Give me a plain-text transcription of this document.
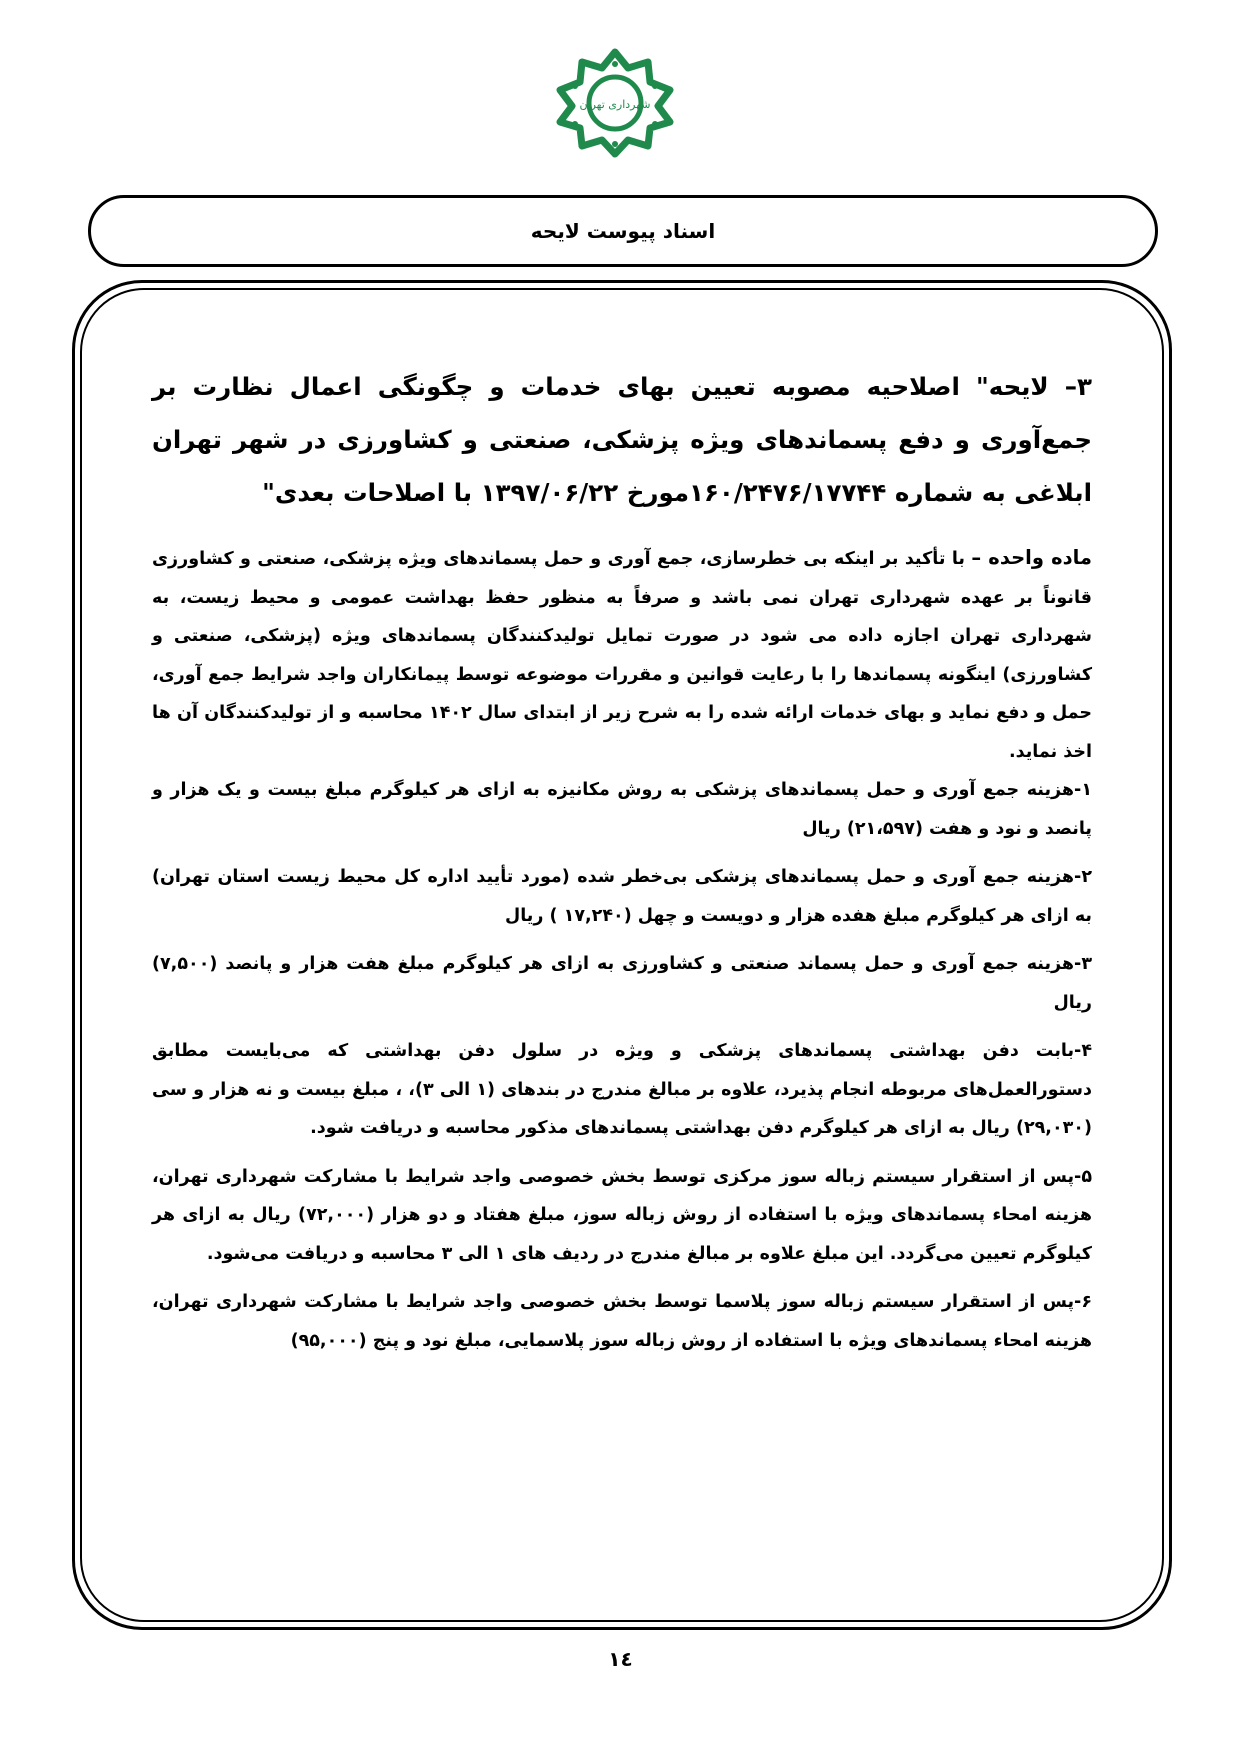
شهرداری تهران
اسناد پیوست لایحه

۳– لایحه" اصلاحیه مصوبه تعیین بهای خدمات و چگونگی اعمال نظارت بر جمع‌آوری و دفع پسماندهای ویژه پزشکی، صنعتی و کشاورزی در شهر تهران ابلاغی به شماره ۱۶۰/۲۴۷۶/۱۷۷۴۴مورخ ۱۳۹۷/۰۶/۲۲ با اصلاحات بعدی"

ماده واحده – با تأکید بر اینکه بی خطرسازی، جمع آوری و حمل پسماندهای ویژه پزشکی، صنعتی و کشاورزی قانوناً بر عهده شهرداری تهران نمی باشد و صرفاً به منظور حفظ بهداشت عمومی و محیط زیست، به شهرداری تهران اجازه داده می شود در صورت تمایل تولیدکنندگان پسماندهای ویژه (پزشکی، صنعتی و کشاورزی) اینگونه پسماندها را با رعایت قوانین و مقررات موضوعه توسط پیمانکاران واجد شرایط جمع آوری، حمل و دفع نماید و بهای خدمات ارائه شده را به شرح زیر از ابتدای سال ۱۴۰۲ محاسبه و از تولیدکنندگان آن ها اخذ نماید.

۱-هزینه جمع آوری و حمل پسماندهای پزشکی به روش مکانیزه به ازای هر کیلوگرم مبلغ بیست و یک هزار و پانصد و نود و هفت (۲۱،۵۹۷) ریال

۲-هزینه جمع آوری و حمل پسماندهای پزشکی بی‌خطر شده (مورد تأیید اداره کل محیط زیست استان تهران) به ازای هر کیلوگرم مبلغ هفده هزار و دویست و چهل (۱۷,۲۴۰ ) ریال

۳-هزینه جمع آوری و حمل پسماند صنعتی و کشاورزی به ازای هر کیلوگرم مبلغ هفت هزار و پانصد (۷,۵۰۰) ریال

۴-بابت دفن بهداشتی پسماندهای پزشکی و ویژه در سلول دفن بهداشتی که می‌بایست مطابق دستورالعمل‌های مربوطه انجام پذیرد، علاوه بر مبالغ مندرج در بندهای (۱ الی ۳)، ، مبلغ بیست و نه هزار و سی (۲۹,۰۳۰) ریال به ازای هر کیلوگرم دفن بهداشتی پسماندهای مذکور محاسبه و دریافت شود.

۵-پس از استقرار سیستم زباله سوز مرکزی توسط بخش خصوصی واجد شرایط با مشارکت شهرداری تهران، هزینه امحاء پسماندهای ویژه با استفاده از روش زباله سوز، مبلغ هفتاد و دو هزار (۷۲,۰۰۰) ریال به ازای هر کیلوگرم تعیین می‌گردد. این مبلغ علاوه بر مبالغ مندرج در ردیف های ۱ الی ۳ محاسبه و دریافت می‌شود.

۶-پس از استقرار سیستم زباله سوز پلاسما توسط بخش خصوصی واجد شرایط با مشارکت شهرداری تهران، هزینه امحاء پسماندهای ویژه با استفاده از روش زباله سوز پلاسمایی، مبلغ نود و پنج (۹۵,۰۰۰)

١٤
